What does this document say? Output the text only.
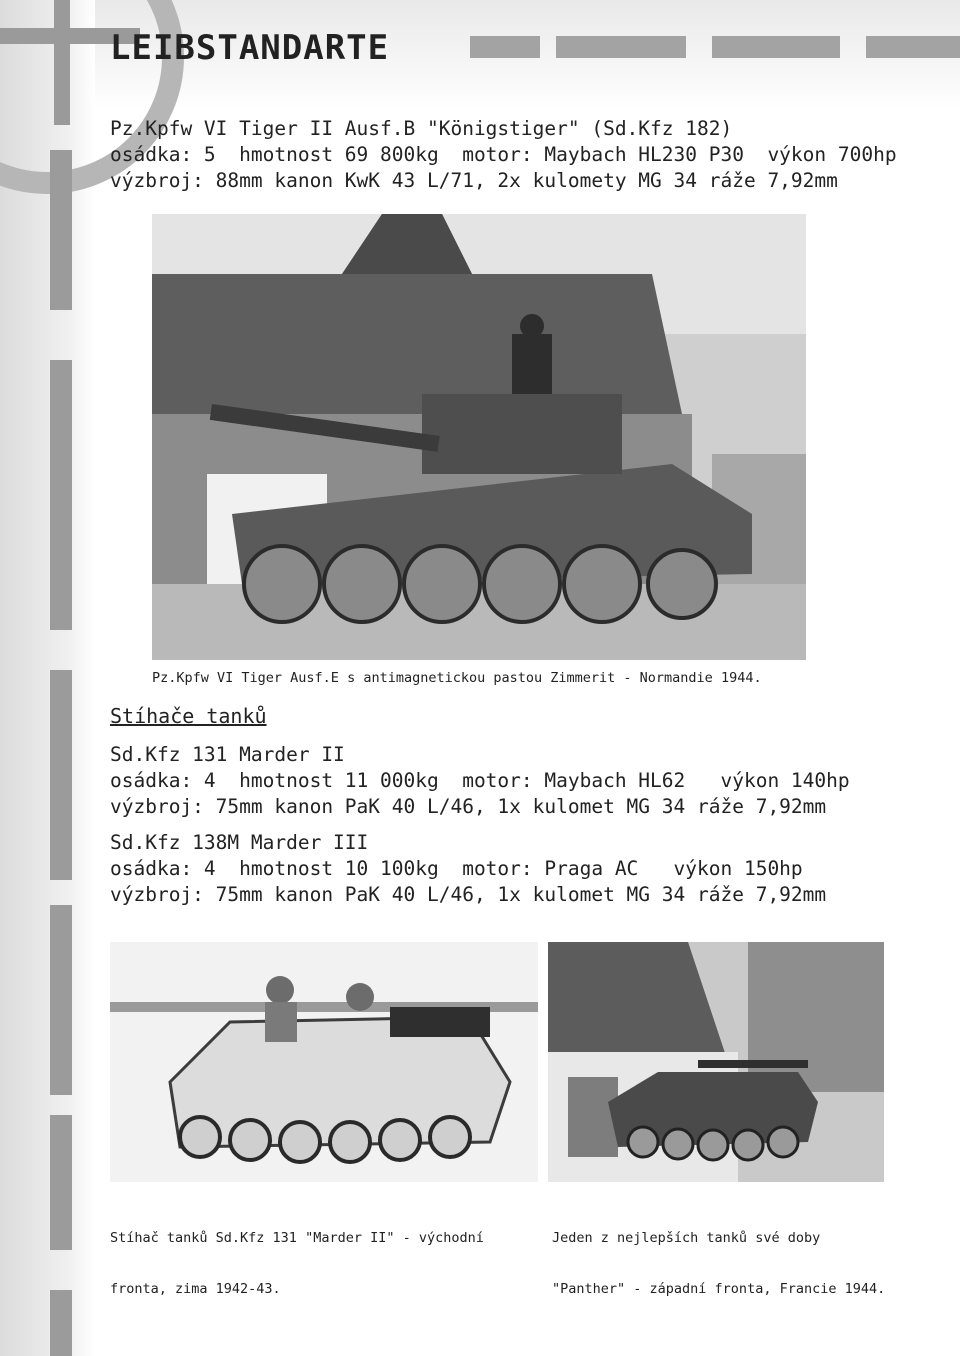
LEIBSTANDARTE
Pz.Kpfw VI Tiger II Ausf.B "Königstiger" (Sd.Kfz 182)
osádka: 5  hmotnost 69 800kg  motor: Maybach HL230 P30  výkon 700hp
výzbroj: 88mm kanon KwK 43 L/71, 2x kulomety MG 34 ráže 7,92mm
Pz.Kpfw VI Tiger Ausf.E s antimagnetickou pastou Zimmerit - Normandie 1944.
Stíhače tanků
Sd.Kfz 131 Marder II
osádka: 4  hmotnost 11 000kg  motor: Maybach HL62   výkon 140hp
výzbroj: 75mm kanon PaK 40 L/46, 1x kulomet MG 34 ráže 7,92mm
Sd.Kfz 138M Marder III
osádka: 4  hmotnost 10 100kg  motor: Praga AC   výkon 150hp
výzbroj: 75mm kanon PaK 40 L/46, 1x kulomet MG 34 ráže 7,92mm

Stíhač tanků Sd.Kfz 131 "Marder II" - východní

fronta, zima 1942-43.

Jeden z nejlepších tanků své doby

"Panther" - západní fronta, Francie 1944.
